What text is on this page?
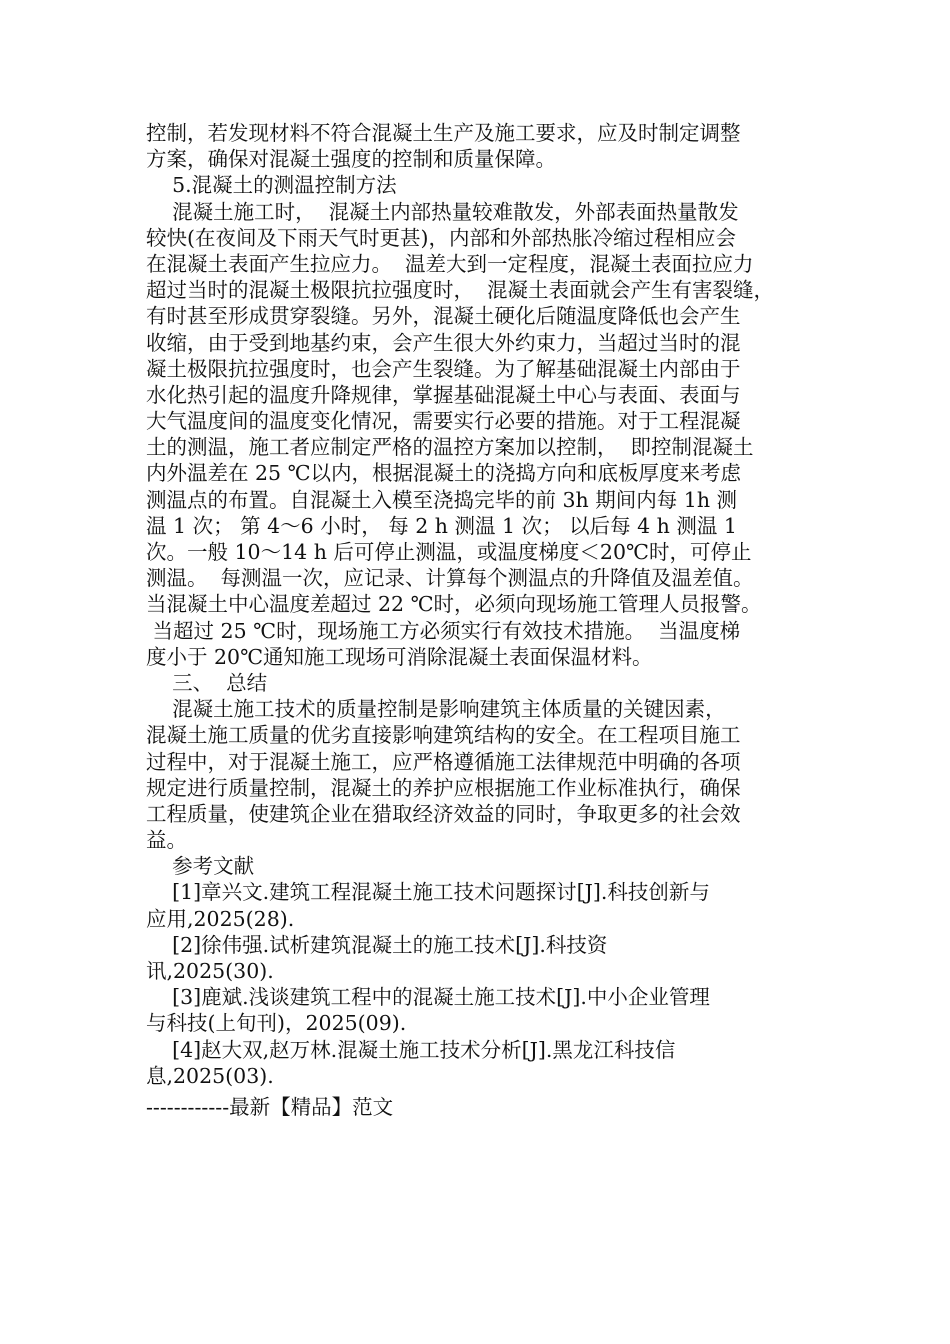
控制，若发现材料不符合混凝土生产及施工要求，应及时制定调整

方案，确保对混凝土强度的控制和质量保障。

5.混凝土的测温控制方法

混凝土施工时，  混凝土内部热量较难散发，外部表面热量散发

较快(在夜间及下雨天气时更甚)，内部和外部热胀冷缩过程相应会

在混凝土表面产生拉应力。  温差大到一定程度，混凝土表面拉应力

超过当时的混凝土极限抗拉强度时，  混凝土表面就会产生有害裂缝，

有时甚至形成贯穿裂缝。另外，混凝土硬化后随温度降低也会产生

收缩，由于受到地基约束，会产生很大外约束力，当超过当时的混

凝土极限抗拉强度时，也会产生裂缝。为了解基础混凝土内部由于

水化热引起的温度升降规律，掌握基础混凝土中心与表面、表面与

大气温度间的温度变化情况，需要实行必要的措施。对于工程混凝

土的测温，施工者应制定严格的温控方案加以控制，  即控制混凝土

内外温差在 25 ℃以内，根据混凝土的浇捣方向和底板厚度来考虑

测温点的布置。自混凝土入模至浇捣完毕的前 3h 期间内每 1h 测

温 1 次； 第 4～6 小时， 每 2 h 测温 1 次； 以后每 4 h 测温 1

次。一般 10～14 h 后可停止测温，或温度梯度＜20℃时，可停止

测温。  每测温一次，应记录、计算每个测温点的升降值及温差值。

当混凝土中心温度差超过 22 ℃时，必须向现场施工管理人员报警。

当超过 25 ℃时，现场施工方必须实行有效技术措施。  当温度梯

度小于 20℃通知施工现场可消除混凝土表面保温材料。

三、  总结

混凝土施工技术的质量控制是影响建筑主体质量的关键因素，

混凝土施工质量的优劣直接影响建筑结构的安全。在工程项目施工

过程中，对于混凝土施工，应严格遵循施工法律规范中明确的各项

规定进行质量控制，混凝土的养护应根据施工作业标准执行，确保

工程质量，使建筑企业在猎取经济效益的同时，争取更多的社会效

益。

参考文献

[1]章兴文.建筑工程混凝土施工技术问题探讨[J].科技创新与

应用,2025(28).

[2]徐伟强.试析建筑混凝土的施工技术[J].科技资

讯,2025(30).

[3]鹿斌.浅谈建筑工程中的混凝土施工技术[J].中小企业管理

与科技(上旬刊)，2025(09).

[4]赵大双,赵万林.混凝土施工技术分析[J].黑龙江科技信

息,2025(03).

------------最新【精品】范文
